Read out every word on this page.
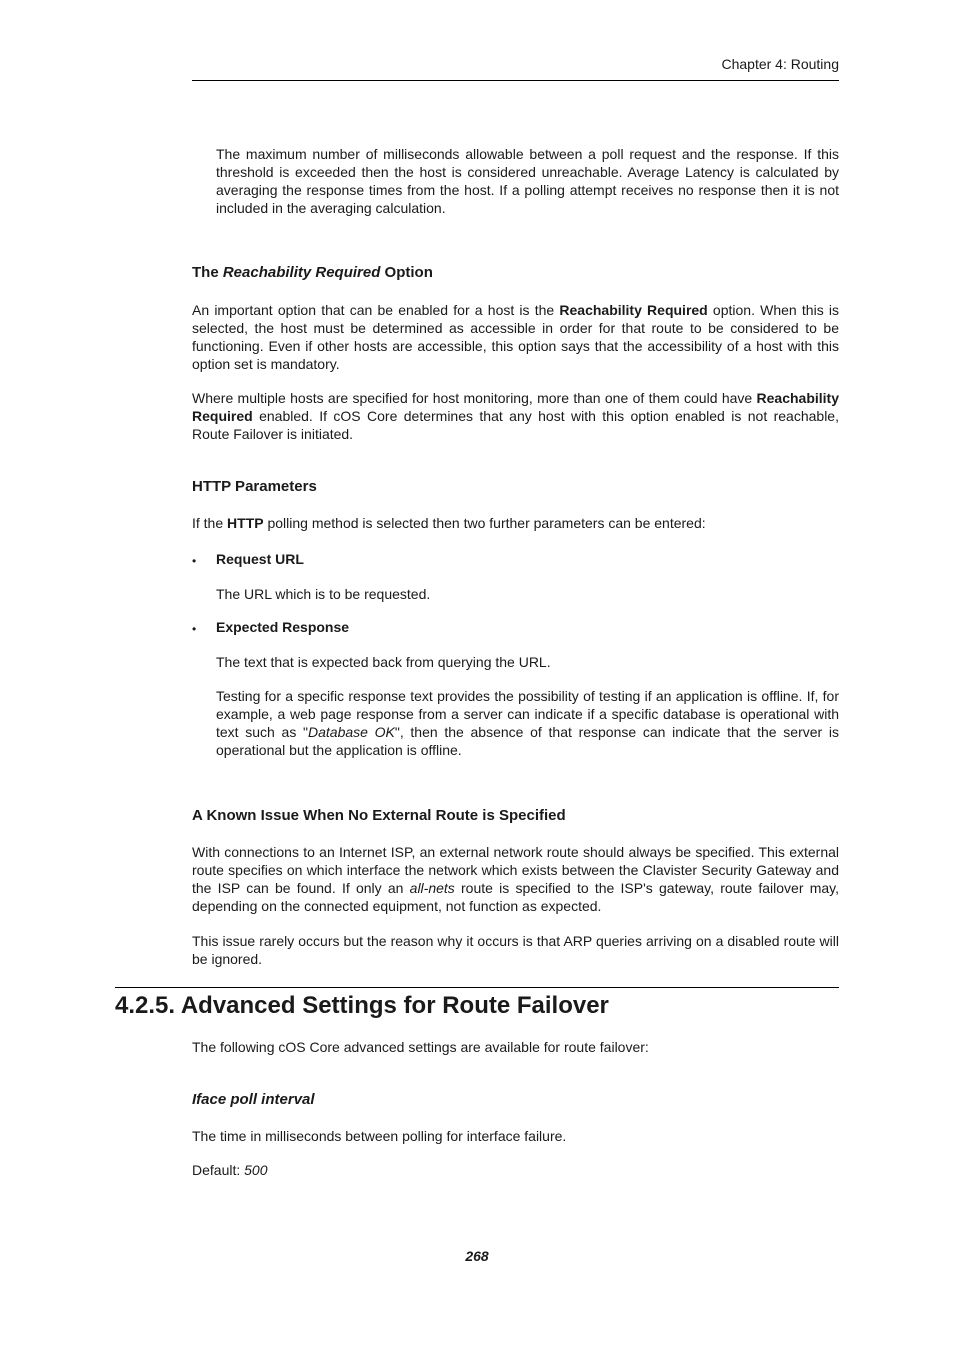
Chapter 4: Routing

The maximum number of milliseconds allowable between a poll request and the response. If this threshold is exceeded then the host is considered unreachable. Average Latency is calculated by averaging the response times from the host. If a polling attempt receives no response then it is not included in the averaging calculation.

The Reachability Required Option

An important option that can be enabled for a host is the Reachability Required option. When this is selected, the host must be determined as accessible in order for that route to be considered to be functioning. Even if other hosts are accessible, this option says that the accessibility of a host with this option set is mandatory.

Where multiple hosts are specified for host monitoring, more than one of them could have Reachability Required enabled. If cOS Core determines that any host with this option enabled is not reachable, Route Failover is initiated.

HTTP Parameters

If the HTTP polling method is selected then two further parameters can be entered:

• Request URL

The URL which is to be requested.

• Expected Response

The text that is expected back from querying the URL.

Testing for a specific response text provides the possibility of testing if an application is offline. If, for example, a web page response from a server can indicate if a specific database is operational with text such as "Database OK", then the absence of that response can indicate that the server is operational but the application is offline.

A Known Issue When No External Route is Specified

With connections to an Internet ISP, an external network route should always be specified. This external route specifies on which interface the network which exists between the Clavister Security Gateway and the ISP can be found. If only an all-nets route is specified to the ISP's gateway, route failover may, depending on the connected equipment, not function as expected.

This issue rarely occurs but the reason why it occurs is that ARP queries arriving on a disabled route will be ignored.

4.2.5. Advanced Settings for Route Failover

The following cOS Core advanced settings are available for route failover:

Iface poll interval

The time in milliseconds between polling for interface failure.

Default: 500

268
